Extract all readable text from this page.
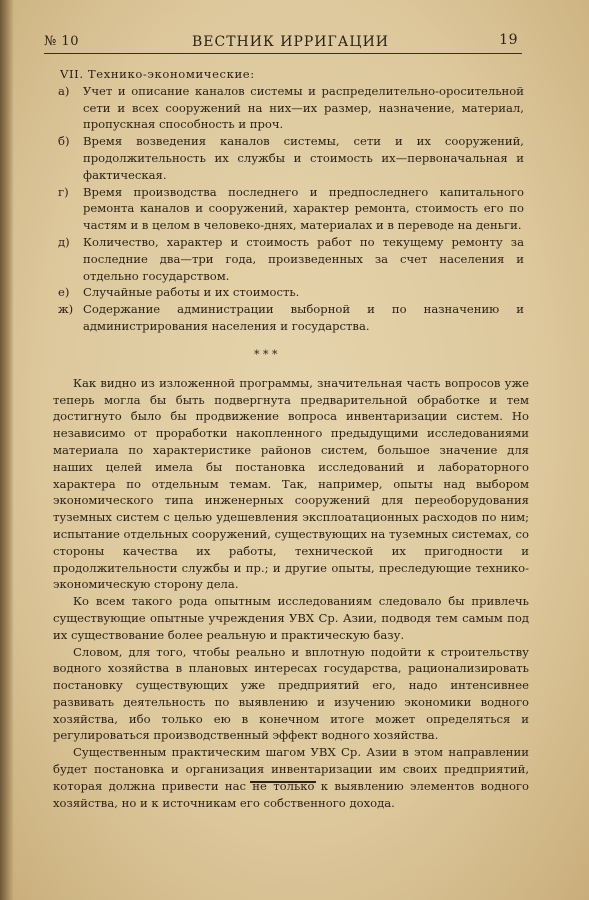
№ 10	ВЕСТНИК ИРРИГАЦИИ	19
VII. Технико-экономические:
а)	Учет и описание каналов системы и распределительно-оросительной сети и всех сооружений на них—их размер, назначение, материал, пропускная способность и проч.
б)	Время возведения каналов системы, сети и их сооружений, продолжительность их службы и стоимость их—первоначальная и фактическая.
г)	Время производства последнего и предпоследнего капитального ремонта каналов и сооружений, характер ремонта, стоимость его по частям и в целом в человеко-днях, материалах и в переводе на деньги.
д)	Количество, характер и стоимость работ по текущему ремонту за последние два—три года, произведенных за счет населения и отдельно государством.
е)	Случайные работы и их стоимость.
ж) Содержание администрации выборной и по назначению и администрирования населения и государства.
* * *

Как видно из изложенной программы, значительная часть вопросов уже теперь могла бы быть подвергнута предварительной обработке и тем достигнуто было бы продвижение вопроса инвентаризации систем. Но независимо от проработки накопленного предыдущими исследованиями материала по характеристике районов систем, большое значение для наших целей имела бы постановка исследований и лабораторного характера по отдельным темам. Так, например, опыты над выбором экономического типа инженерных сооружений для переоборудования туземных систем с целью удешевления эксплоатационных расходов по ним; испытание отдельных сооружений, существующих на туземных системах, со стороны качества их работы, технической их пригодности и продолжительности службы и пр.; и другие опыты, преследующие технико-экономическую сторону дела.

Ко всем такого рода опытным исследованиям следовало бы привлечь существующие опытные учреждения УВХ Ср. Азии, подводя тем самым под их существование более реальную и практическую базу.

Словом, для того, чтобы реально и вплотную подойти к строительству водного хозяйства в плановых интересах государства, рационализировать постановку существующих уже предприятий его, надо интенсивнее развивать деятельность по выявлению и изучению экономики водного хозяйства, ибо только ею в конечном итоге может определяться и регулироваться производственный эффект водного хозяйства.

Существенным практическим шагом УВХ Ср. Азии в этом направлении будет постановка и организация инвентаризации им своих предприятий, которая должна привести нас не только к выявлению элементов водного хозяйства, но и к источникам его собственного дохода.
